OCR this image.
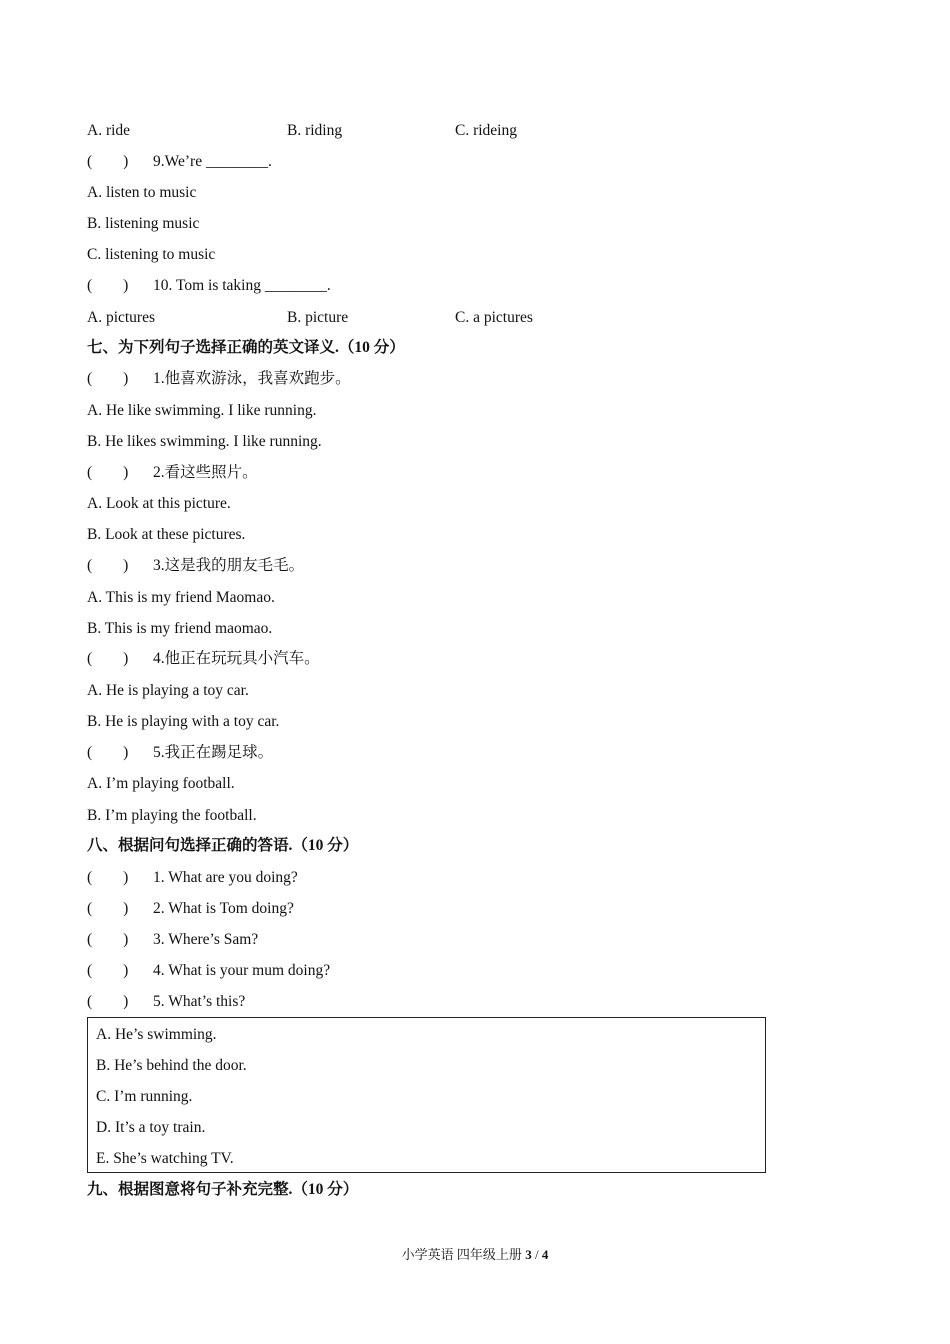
A. ride	B. riding	C. rideing
(        ) 9.We’re ________.
A. listen to music
B. listening music
C. listening to music
(        ) 10. Tom is taking ________.
A. pictures	B. picture	C. a pictures
七、为下列句子选择正确的英文译义.（10 分）
(        ) 1.他喜欢游泳，我喜欢跑步。
A. He like swimming. I like running.
B. He likes swimming. I like running.
(        ) 2.看这些照片。
A. Look at this picture.
B. Look at these pictures.
(        ) 3.这是我的朋友毛毛。
A. This is my friend Maomao.
B. This is my friend maomao.
(        ) 4.他正在玩玩具小汽车。
A. He is playing a toy car.
B. He is playing with a toy car.
(        ) 5.我正在踢足球。
A. I’m playing football.
B. I’m playing the football.
八、根据问句选择正确的答语.（10 分）
(        ) 1. What are you doing?
(        ) 2. What is Tom doing?
(        ) 3. Where’s Sam?
(        ) 4. What is your mum doing?
(        ) 5. What’s this?
A. He’s swimming.
B. He’s behind the door.
C. I’m running.
D. It’s a toy train.
E. She’s watching TV.
九、根据图意将句子补充完整.（10 分）
小学英语 四年级上册 3 / 4
